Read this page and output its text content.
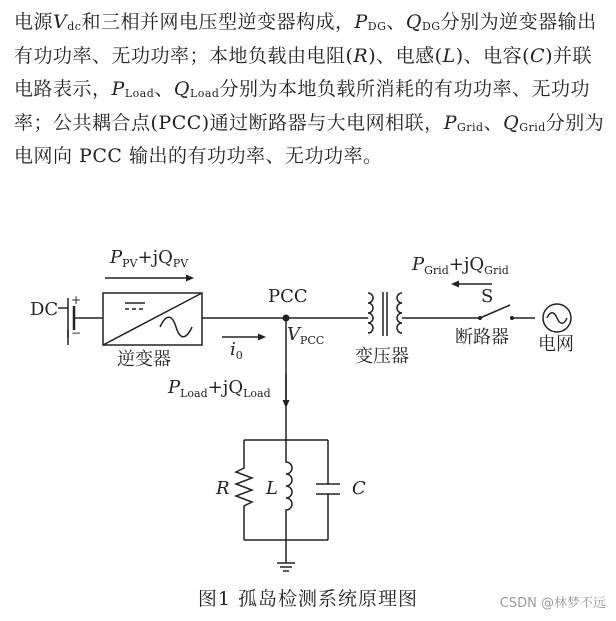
电源$V_{dc}$和三相并网电压型逆变器构成，$P_{DG}$、$Q_{DG}$分别为逆变器输出有功功率、无功功率；本地负载由电阻(R)、电感(L)、电容(C)并联电路表示，$P_{Load}$、$Q_{Load}$分别为本地负载所消耗的有功功率、无功功率；公共耦合点(PCC)通过断路器与大电网相联，$P_{Grid}$、$Q_{Grid}$分别为电网向 PCC 输出的有功功率、无功功率。
DC +
−
$P_{PV}+jQ_{PV}$
逆变器
PCC
$i_0$
$V_{PCC}$
变压器
$P_{Grid}+jQ_{Grid}$
S
断路器 电网
$P_{Load}+jQ_{Load}$
R L	C
图1 孤岛检测系统原理图	CSDN @林梦不远
